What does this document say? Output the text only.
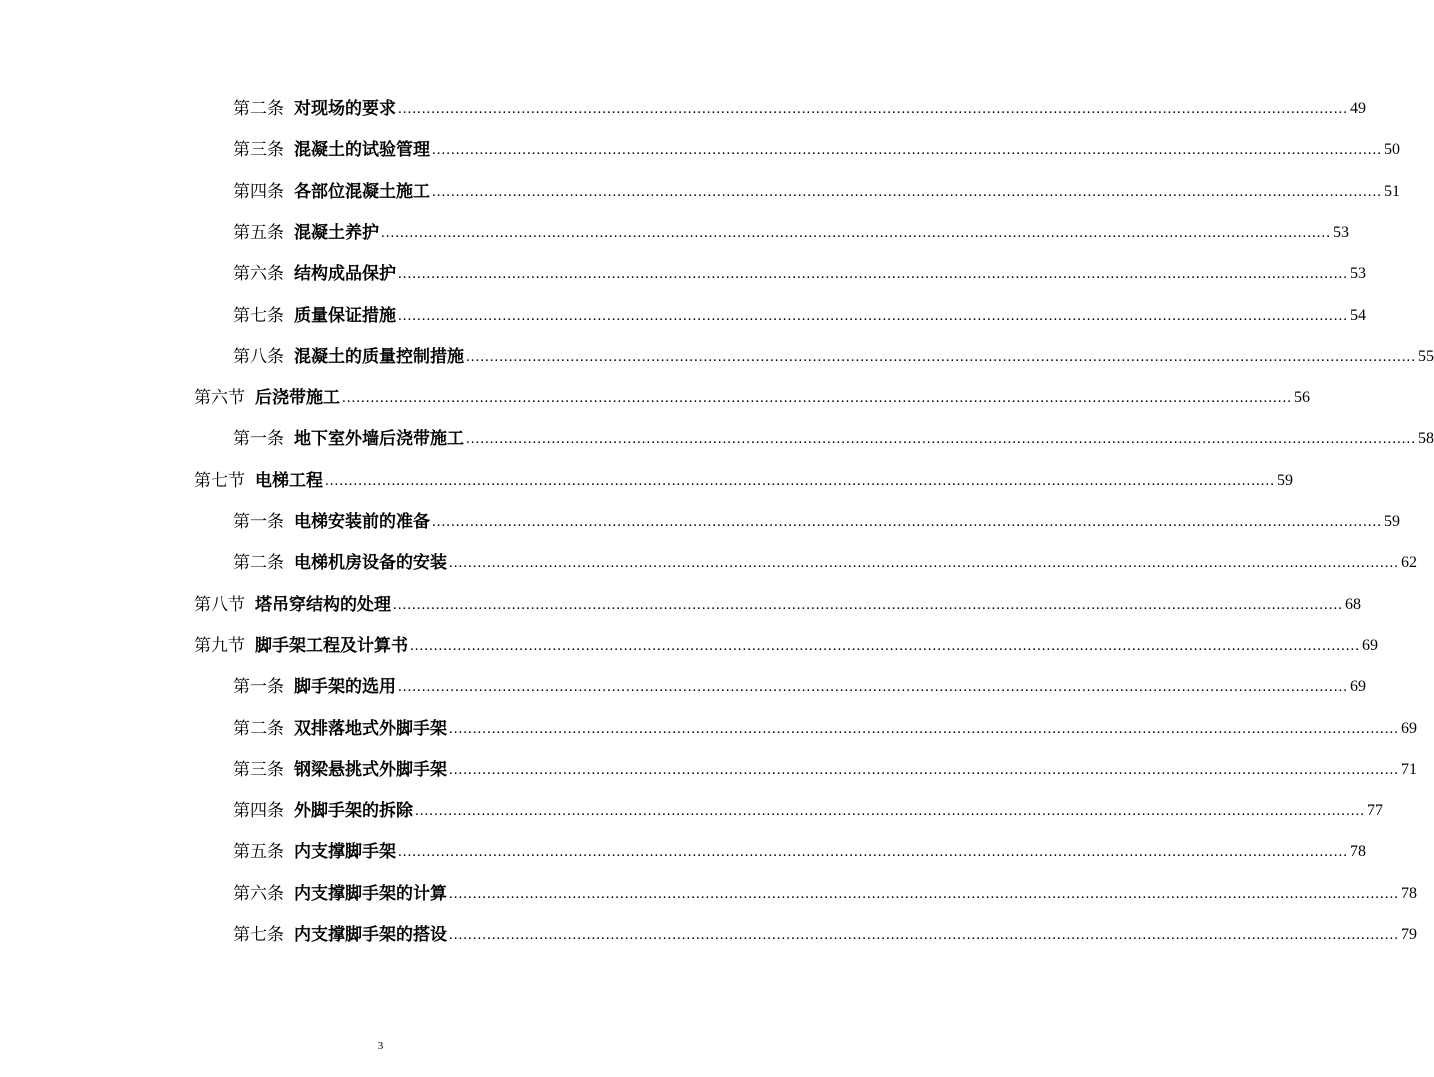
第二条 对现场的要求 ........................................................................................................................................................................................................ 49
第三条 混凝土的试验管理 ........................................................................................................................................................................................................ 50
第四条 各部位混凝土施工 ........................................................................................................................................................................................................ 51
第五条 混凝土养护 ........................................................................................................................................................................................................ 53
第六条 结构成品保护 ........................................................................................................................................................................................................ 53
第七条 质量保证措施 ........................................................................................................................................................................................................ 54
第八条 混凝土的质量控制措施 ........................................................................................................................................................................................................ 55
第六节 后浇带施工 ........................................................................................................................................................................................................ 56
第一条 地下室外墙后浇带施工 ........................................................................................................................................................................................................ 58
第七节 电梯工程 ........................................................................................................................................................................................................ 59
第一条 电梯安装前的准备 ........................................................................................................................................................................................................ 59
第二条 电梯机房设备的安装 ........................................................................................................................................................................................................ 62
第八节 塔吊穿结构的处理 ........................................................................................................................................................................................................ 68
第九节 脚手架工程及计算书 ........................................................................................................................................................................................................ 69
第一条 脚手架的选用 ........................................................................................................................................................................................................ 69
第二条 双排落地式外脚手架 ........................................................................................................................................................................................................ 69
第三条 钢梁悬挑式外脚手架 ........................................................................................................................................................................................................ 71
第四条 外脚手架的拆除 ........................................................................................................................................................................................................ 77
第五条 内支撑脚手架 ........................................................................................................................................................................................................ 78
第六条 内支撑脚手架的计算 ........................................................................................................................................................................................................ 78
第七条 内支撑脚手架的搭设 ........................................................................................................................................................................................................ 79
3
